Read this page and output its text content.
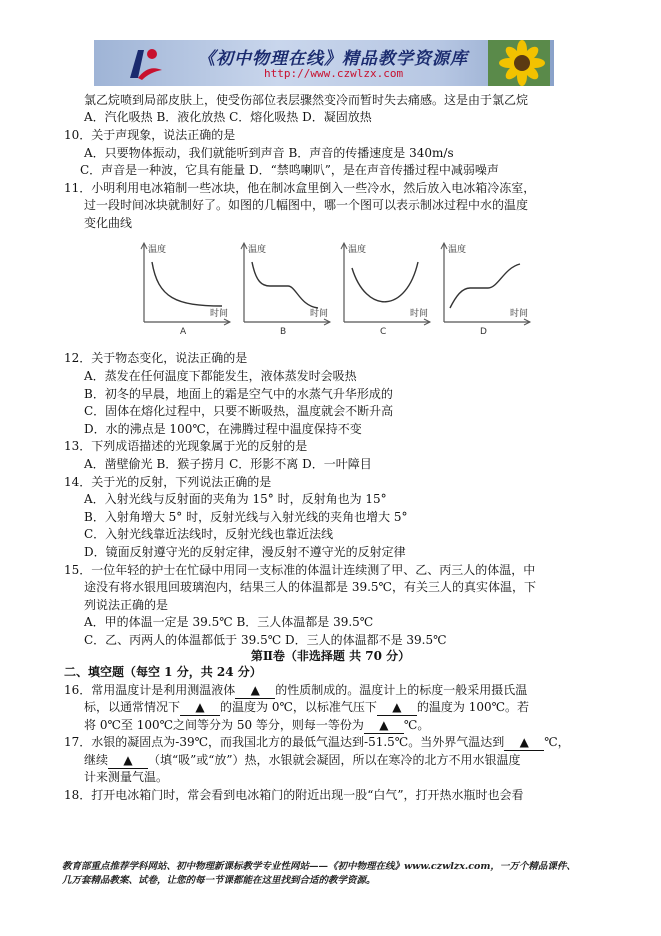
《初中物理在线》精品教学资源库
http://www.czwlzx.com
氯乙烷喷到局部皮肤上，使受伤部位表层骤然变冷而暂时失去痛感。这是由于氯乙烷
A．汽化吸热 B．液化放热 C．熔化吸热 D．凝固放热
10．关于声现象，说法正确的是
A．只要物体振动，我们就能听到声音 B．声音的传播速度是 340m/s
C．声音是一种波，它具有能量 D．“禁鸣喇叭”，是在声音传播过程中减弱噪声
11．小明利用电冰箱制一些冰块，他在制冰盒里倒入一些冷水，然后放入电冰箱冷冻室，
过一段时间冰块就制好了。如图的几幅图中，哪一个图可以表示制冰过程中水的温度
变化曲线
温度
时间
A
温度
时间
B
温度
时间
C
温度
时间
D
12．关于物态变化，说法正确的是
A．蒸发在任何温度下都能发生，液体蒸发时会吸热
B．初冬的早晨，地面上的霜是空气中的水蒸气升华形成的
C．固体在熔化过程中，只要不断吸热，温度就会不断升高
D．水的沸点是 100℃，在沸腾过程中温度保持不变
13．下列成语描述的光现象属于光的反射的是
A．凿壁偷光 B．猴子捞月 C．形影不离 D．一叶障目
14．关于光的反射，下列说法正确的是
A．入射光线与反射面的夹角为 15° 时，反射角也为 15°
B．入射角增大 5° 时，反射光线与入射光线的夹角也增大 5°
C．入射光线靠近法线时，反射光线也靠近法线
D．镜面反射遵守光的反射定律，漫反射不遵守光的反射定律
15．一位年轻的护士在忙碌中用同一支标准的体温计连续测了甲、乙、丙三人的体温，中
途没有将水银甩回玻璃泡内，结果三人的体温都是 39.5℃，有关三人的真实体温，下
列说法正确的是
A．甲的体温一定是 39.5℃ B．三人体温都是 39.5℃
C．乙、丙两人的体温都低于 39.5℃ D．三人的体温都不是 39.5℃
第Ⅱ卷（非选择题 共 70 分）
二、填空题（每空 1 分，共 24 分）
16．常用温度计是利用测温液体 ▲ 的性质制成的。温度计上的标度一般采用摄氏温
标，以通常情况下 ▲ 的温度为 0℃，以标准气压下 ▲ 的温度为 100℃。若
将 0℃至 100℃之间等分为 50 等分，则每一等份为 ▲ ℃。
17．水银的凝固点为-39℃，而我国北方的最低气温达到-51.5℃。当外界气温达到 ▲ ℃，
继续 ▲ （填“吸”或“放”）热，水银就会凝固，所以在寒冷的北方不用水银温度
计来测量气温。
18．打开电冰箱门时，常会看到电冰箱门的附近出现一股“白气”，打开热水瓶时也会看
教育部重点推荐学科网站、初中物理新课标教学专业性网站——《初中物理在线》www.czwlzx.com，一万个精品课件、
几万套精品教案、试卷，让您的每一节课都能在这里找到合适的教学资源。
